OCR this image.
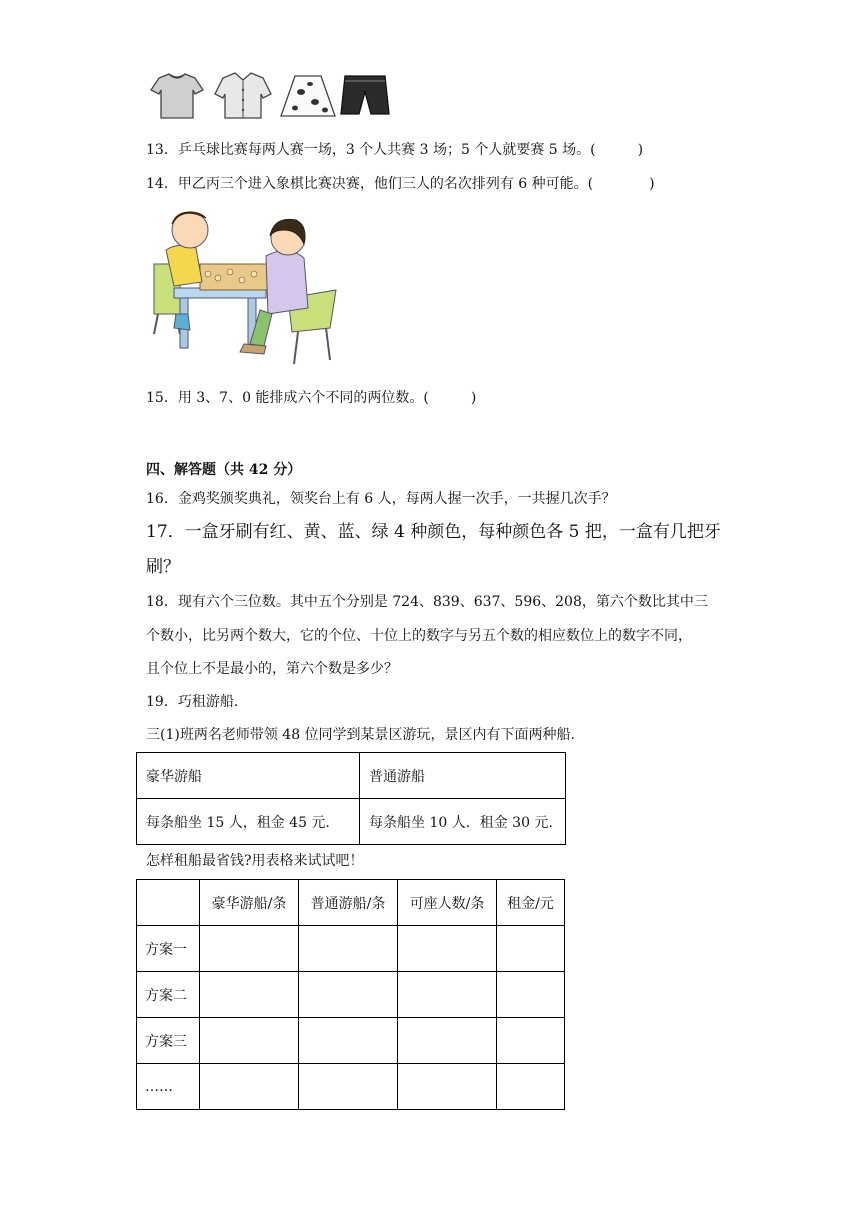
13．乒乓球比赛每两人赛一场，3 个人共赛 3 场；5 个人就要赛 5 场。(　　　)
14．甲乙丙三个进入象棋比赛决赛，他们三人的名次排列有 6 种可能。(　　　　)
15．用 3、7、0 能排成六个不同的两位数。(　　　)
四、解答题（共 42 分）
16．金鸡奖颁奖典礼，领奖台上有 6 人，每两人握一次手，一共握几次手？
17．一盒牙刷有红、黄、蓝、绿 4 种颜色，每种颜色各 5 把，一盒有几把牙
刷？
18．现有六个三位数。其中五个分别是 724、839、637、596、208，第六个数比其中三
个数小，比另两个数大，它的个位、十位上的数字与另五个数的相应数位上的数字不同，
且个位上不是最小的，第六个数是多少？
19．巧租游船.
三(1)班两名老师带领 48 位同学到某景区游玩，景区内有下面两种船.
豪华游船	普通游船
每条船坐 15 人，租金 45 元.	每条船坐 10 人．租金 30 元.
怎样租船最省钱?用表格来试试吧！
	豪华游船/条	普通游船/条	可座人数/条	租金/元
方案一				
方案二				
方案三				
……				
